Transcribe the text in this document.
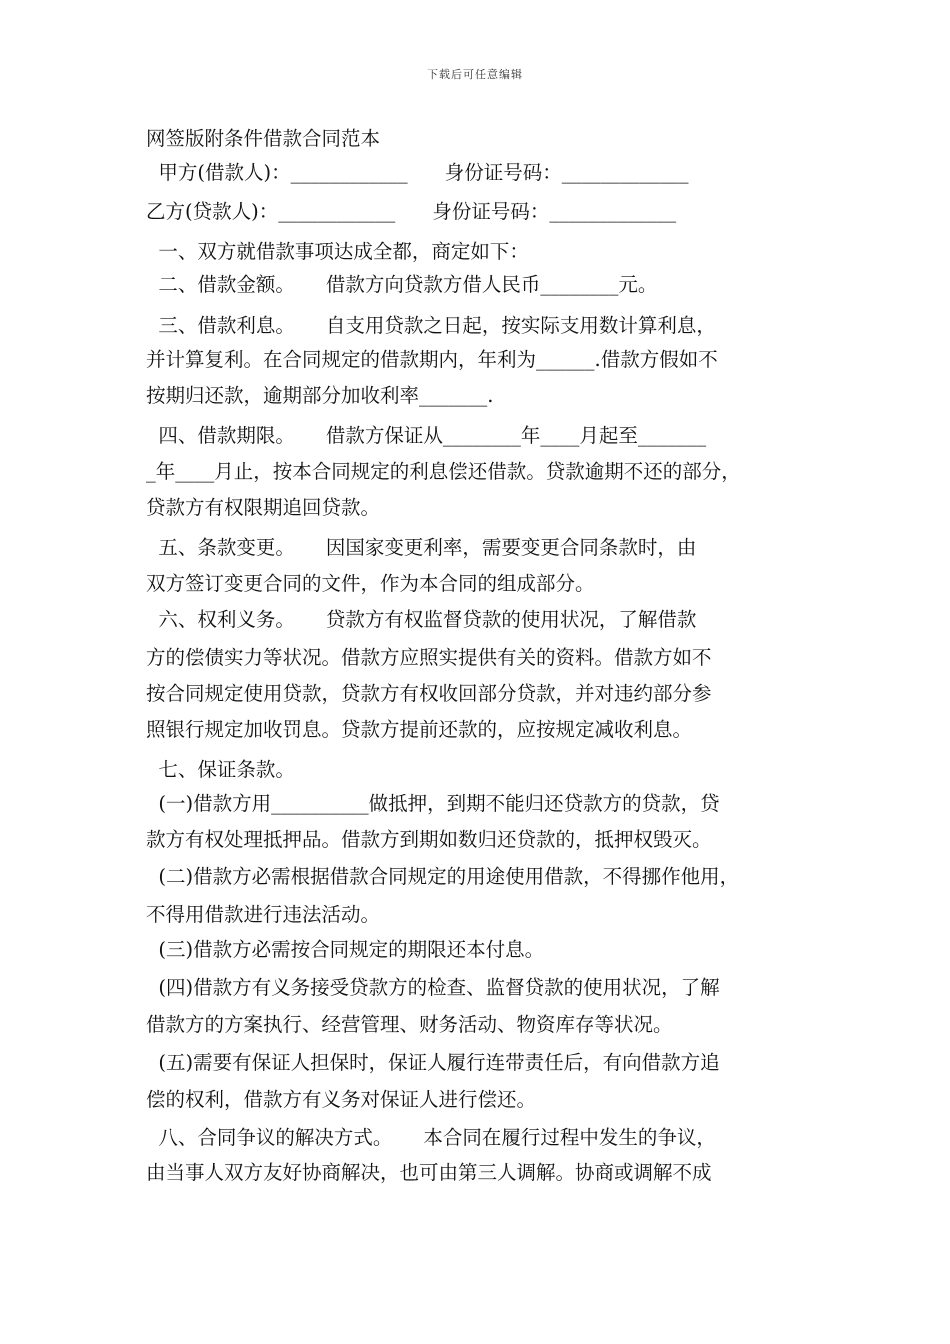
下载后可任意编辑
网签版附条件借款合同范本
甲方(借款人)：____________      身份证号码：_____________
乙方(贷款人)：____________      身份证号码：_____________
一、双方就借款事项达成全都，商定如下：
二、借款金额。     借款方向贷款方借人民币________元。
三、借款利息。     自支用贷款之日起，按实际支用数计算利息，
并计算复利。在合同规定的借款期内，年利为______.借款方假如不
按期归还款，逾期部分加收利率_______.
四、借款期限。     借款方保证从________年____月起至_______
_年____月止，按本合同规定的利息偿还借款。贷款逾期不还的部分，
贷款方有权限期追回贷款。
五、条款变更。     因国家变更利率，需要变更合同条款时，由
双方签订变更合同的文件，作为本合同的组成部分。
六、权利义务。     贷款方有权监督贷款的使用状况，了解借款
方的偿债实力等状况。借款方应照实提供有关的资料。借款方如不
按合同规定使用贷款，贷款方有权收回部分贷款，并对违约部分参
照银行规定加收罚息。贷款方提前还款的，应按规定减收利息。
七、保证条款。
(一)借款方用__________做抵押，到期不能归还贷款方的贷款，贷
款方有权处理抵押品。借款方到期如数归还贷款的，抵押权毁灭。
(二)借款方必需根据借款合同规定的用途使用借款，不得挪作他用，
不得用借款进行违法活动。
(三)借款方必需按合同规定的期限还本付息。
(四)借款方有义务接受贷款方的检查、监督贷款的使用状况，了解
借款方的方案执行、经营管理、财务活动、物资库存等状况。
(五)需要有保证人担保时，保证人履行连带责任后，有向借款方追
偿的权利，借款方有义务对保证人进行偿还。
八、合同争议的解决方式。     本合同在履行过程中发生的争议，
由当事人双方友好协商解决，也可由第三人调解。协商或调解不成
